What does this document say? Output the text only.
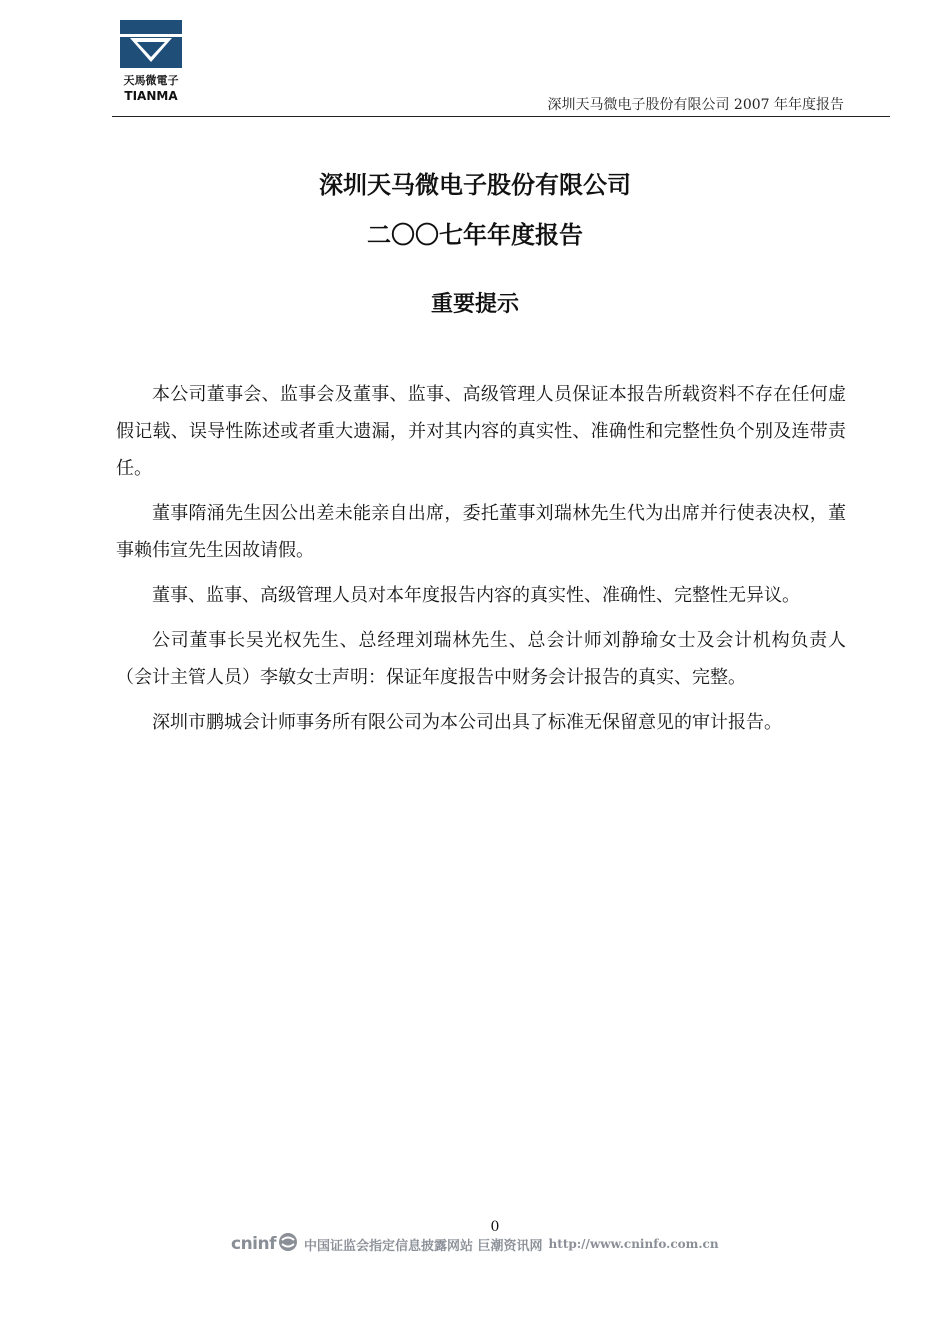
天馬微電子
TIANMA
深圳天马微电子股份有限公司 2007 年年度报告
深圳天马微电子股份有限公司
二〇〇七年年度报告
重要提示

本公司董事会、监事会及董事、监事、高级管理人员保证本报告所载资料不存在任何虚假记载、误导性陈述或者重大遗漏，并对其内容的真实性、准确性和完整性负个别及连带责任。

董事隋涌先生因公出差未能亲自出席，委托董事刘瑞林先生代为出席并行使表决权，董事赖伟宣先生因故请假。

董事、监事、高级管理人员对本年度报告内容的真实性、准确性、完整性无异议。

公司董事长吴光权先生、总经理刘瑞林先生、总会计师刘静瑜女士及会计机构负责人（会计主管人员）李敏女士声明：保证年度报告中财务会计报告的真实、完整。

深圳市鹏城会计师事务所有限公司为本公司出具了标准无保留意见的审计报告。

0
cninf 中国证监会指定信息披露网站 巨潮资讯网 http://www.cninfo.com.cn
